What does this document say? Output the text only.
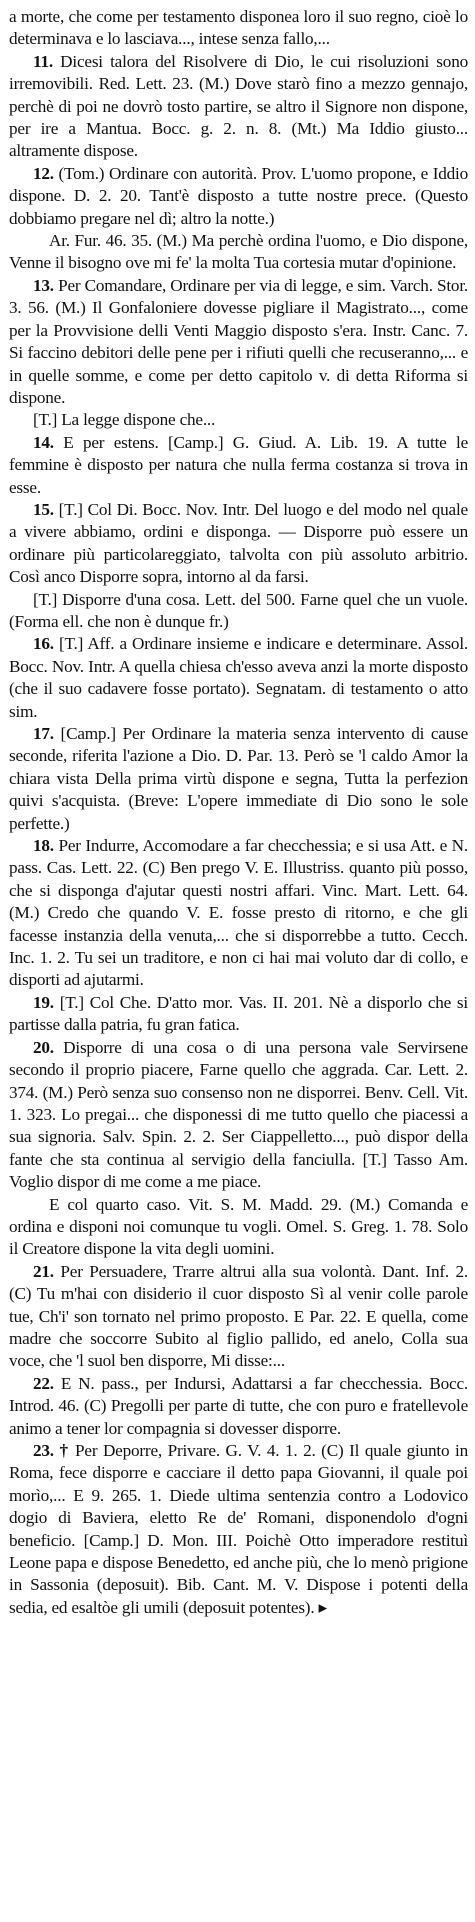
a morte, che come per testamento disponea loro il suo regno, cioè lo determinava e lo lasciava..., intese senza fallo,...

11. Dicesi talora del Risolvere di Dio, le cui risoluzioni sono irremovibili. Red. Lett. 23. (M.) Dove starò fino a mezzo gennajo, perchè di poi ne dovrò tosto partire, se altro il Signore non dispone, per ire a Mantua. Bocc. g. 2. n. 8. (Mt.) Ma Iddio giusto... altramente dispose.

12. (Tom.) Ordinare con autorità. Prov. L'uomo propone, e Iddio dispone. D. 2. 20. Tant'è disposto a tutte nostre prece. (Questo dobbiamo pregare nel dì; altro la notte.)

Ar. Fur. 46. 35. (M.) Ma perchè ordina l'uomo, e Dio dispone, Venne il bisogno ove mi fe' la molta Tua cortesia mutar d'opinione.

13. Per Comandare, Ordinare per via di legge, e sim. Varch. Stor. 3. 56. (M.) Il Gonfaloniere dovesse pigliare il Magistrato..., come per la Provvisione delli Venti Maggio disposto s'era. Instr. Canc. 7. Si faccino debitori delle pene per i rifiuti quelli che recuseranno,... e in quelle somme, e come per detto capitolo v. di detta Riforma si dispone.

[T.] La legge dispone che...

14. E per estens. [Camp.] G. Giud. A. Lib. 19. A tutte le femmine è disposto per natura che nulla ferma costanza si trova in esse.

15. [T.] Col Di. Bocc. Nov. Intr. Del luogo e del modo nel quale a vivere abbiamo, ordini e disponga. — Disporre può essere un ordinare più particolareggiato, talvolta con più assoluto arbitrio. Così anco Disporre sopra, intorno al da farsi.

[T.] Disporre d'una cosa. Lett. del 500. Farne quel che un vuole. (Forma ell. che non è dunque fr.)

16. [T.] Aff. a Ordinare insieme e indicare e determinare. Assol. Bocc. Nov. Intr. A quella chiesa ch'esso aveva anzi la morte disposto (che il suo cadavere fosse portato). Segnatam. di testamento o atto sim.

17. [Camp.] Per Ordinare la materia senza intervento di cause seconde, riferita l'azione a Dio. D. Par. 13. Però se 'l caldo Amor la chiara vista Della prima virtù dispone e segna, Tutta la perfezion quivi s'acquista. (Breve: L'opere immediate di Dio sono le sole perfette.)

18. Per Indurre, Accomodare a far checchessia; e si usa Att. e N. pass. Cas. Lett. 22. (C) Ben prego V. E. Illustriss. quanto più posso, che si disponga d'ajutar questi nostri affari. Vinc. Mart. Lett. 64. (M.) Credo che quando V. E. fosse presto di ritorno, e che gli facesse instanzia della venuta,... che si disporrebbe a tutto. Cecch. Inc. 1. 2. Tu sei un traditore, e non ci hai mai voluto dar di collo, e disporti ad ajutarmi.

19. [T.] Col Che. D'atto mor. Vas. II. 201. Nè a disporlo che si partisse dalla patria, fu gran fatica.

20. Disporre di una cosa o di una persona vale Servirsene secondo il proprio piacere, Farne quello che aggrada. Car. Lett. 2. 374. (M.) Però senza suo consenso non ne disporrei. Benv. Cell. Vit. 1. 323. Lo pregai... che disponessi di me tutto quello che piacessi a sua signoria. Salv. Spin. 2. 2. Ser Ciappelletto..., può dispor della fante che sta continua al servigio della fanciulla. [T.] Tasso Am. Voglio dispor di me come a me piace.

E col quarto caso. Vit. S. M. Madd. 29. (M.) Comanda e ordina e disponi noi comunque tu vogli. Omel. S. Greg. 1. 78. Solo il Creatore dispone la vita degli uomini.

21. Per Persuadere, Trarre altrui alla sua volontà. Dant. Inf. 2. (C) Tu m'hai con disiderio il cuor disposto Sì al venir colle parole tue, Ch'i' son tornato nel primo proposto. E Par. 22. E quella, come madre che soccorre Subito al figlio pallido, ed anelo, Colla sua voce, che 'l suol ben disporre, Mi disse:...

22. E N. pass., per Indursi, Adattarsi a far checchessia. Bocc. Introd. 46. (C) Pregolli per parte di tutte, che con puro e fratellevole animo a tener lor compagnia si dovesser disporre.

23. † Per Deporre, Privare. G. V. 4. 1. 2. (C) Il quale giunto in Roma, fece disporre e cacciare il detto papa Giovanni, il quale poi morìo,... E 9. 265. 1. Diede ultima sentenzia contro a Lodovico dogio di Baviera, eletto Re de' Romani, disponendolo d'ogni beneficio. [Camp.] D. Mon. III. Poichè Otto imperadore restituì Leone papa e dispose Benedetto, ed anche più, che lo menò prigione in Sassonia (deposuit). Bib. Cant. M. V. Dispose i potenti della sedia, ed esaltòe gli umili (deposuit potentes). ▸
